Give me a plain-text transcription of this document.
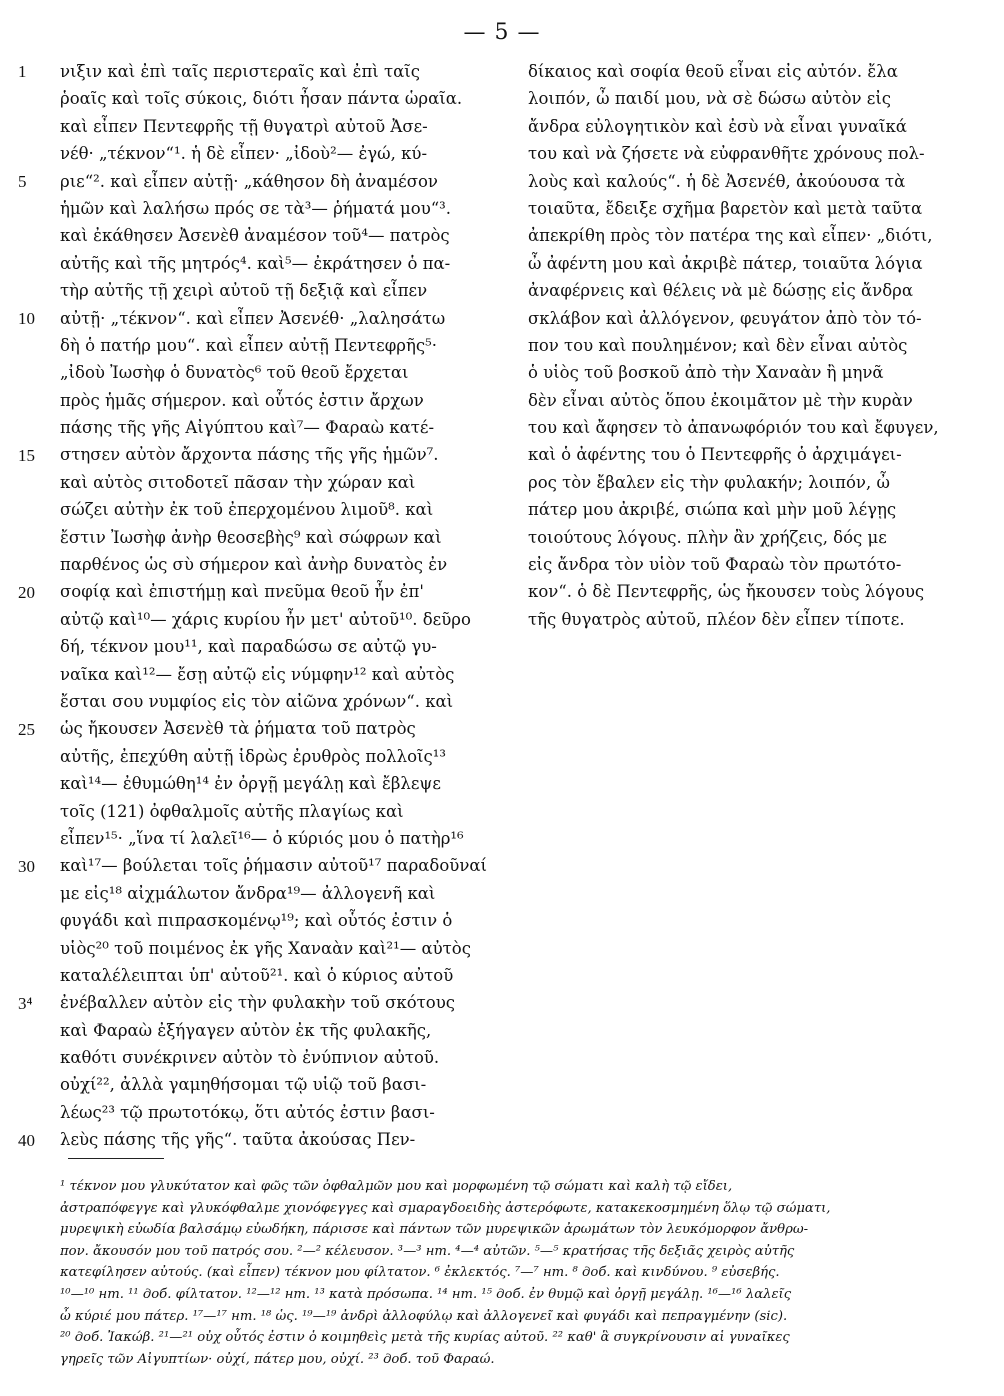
— 5 —
1
5
10
15
20
25
30
3⁴
40
νιξιν καὶ ἐπὶ ταῖς περιστεραῖς καὶ ἐπὶ ταῖς
ῥοαῖς καὶ τοῖς σύκοις, διότι ἦσαν πάντα ὡραῖα.
καὶ εἶπεν Πεντεφρῆς τῇ θυγατρὶ αὐτοῦ Ἀσε-
νέθ· „τέκνον“¹. ἡ δὲ εἶπεν· „ἰδοὺ²— ἐγώ, κύ-
ριε“². καὶ εἶπεν αὐτῇ· „κάθησον δὴ ἀναμέσον
ἡμῶν καὶ λαλήσω πρός σε τὰ³— ῥήματά μου“³.
καὶ ἐκάθησεν Ἀσενὲθ ἀναμέσον τοῦ⁴— πατρὸς
αὐτῆς καὶ τῆς μητρός⁴. καὶ⁵— ἐκράτησεν ὁ πα-
τὴρ αὐτῆς τῇ χειρὶ αὐτοῦ τῇ δεξιᾷ καὶ εἶπεν
αὐτῇ· „τέκνον“. καὶ εἶπεν Ἀσενέθ· „λαλησάτω
δὴ ὁ πατήρ μου“. καὶ εἶπεν αὐτῇ Πεντεφρῆς⁵·
„ἰδοὺ Ἰωσὴφ ὁ δυνατὸς⁶ τοῦ θεοῦ ἔρχεται
πρὸς ἡμᾶς σήμερον. καὶ οὗτός ἐστιν ἄρχων
πάσης τῆς γῆς Αἰγύπτου καὶ⁷— Φαραὼ κατέ-
στησεν αὐτὸν ἄρχοντα πάσης τῆς γῆς ἡμῶν⁷.
καὶ αὐτὸς σιτοδοτεῖ πᾶσαν τὴν χώραν καὶ
σώζει αὐτὴν ἐκ τοῦ ἐπερχομένου λιμοῦ⁸. καὶ
ἔστιν Ἰωσὴφ ἀνὴρ θεοσεβὴς⁹ καὶ σώφρων καὶ
παρθένος ὡς σὺ σήμερον καὶ ἀνὴρ δυνατὸς ἐν
σοφίᾳ καὶ ἐπιστήμῃ καὶ πνεῦμα θεοῦ ἦν ἐπ'
αὐτῷ καὶ¹⁰— χάρις κυρίου ἦν μετ' αὐτοῦ¹⁰. δεῦρο
δή, τέκνον μου¹¹, καὶ παραδώσω σε αὐτῷ γυ-
ναῖκα καὶ¹²— ἔσῃ αὐτῷ εἰς νύμφην¹² καὶ αὐτὸς
ἔσται σου νυμφίος εἰς τὸν αἰῶνα χρόνων“. καὶ
ὡς ἤκουσεν Ἀσενὲθ τὰ ῥήματα τοῦ πατρὸς
αὐτῆς, ἐπεχύθη αὐτῇ ἱδρὼς ἐρυθρὸς πολλοῖς¹³
καὶ¹⁴— ἐθυμώθη¹⁴ ἐν ὀργῇ μεγάλῃ καὶ ἔβλεψε
τοῖς (121) ὀφθαλμοῖς αὐτῆς πλαγίως καὶ
εἶπεν¹⁵· „ἵνα τί λαλεῖ¹⁶— ὁ κύριός μου ὁ πατὴρ¹⁶
καὶ¹⁷— βούλεται τοῖς ῥήμασιν αὐτοῦ¹⁷ παραδοῦναί
με εἰς¹⁸ αἰχμάλωτον ἄνδρα¹⁹— ἀλλογενῆ καὶ
φυγάδι καὶ πιπρασκομένῳ¹⁹; καὶ οὗτός ἐστιν ὁ
υἱὸς²⁰ τοῦ ποιμένος ἐκ γῆς Χαναὰν καὶ²¹— αὐτὸς
καταλέλειπται ὑπ' αὐτοῦ²¹. καὶ ὁ κύριος αὐτοῦ
ἐνέβαλλεν αὐτὸν εἰς τὴν φυλακὴν τοῦ σκότους
καὶ Φαραὼ ἐξήγαγεν αὐτὸν ἐκ τῆς φυλακῆς,
καθότι συνέκρινεν αὐτὸν τὸ ἐνύπνιον αὐτοῦ.
οὐχί²², ἀλλὰ γαμηθήσομαι τῷ υἱῷ τοῦ βασι-
λέως²³ τῷ πρωτοτόκῳ, ὅτι αὐτός ἐστιν βασι-
λεὺς πάσης τῆς γῆς“. ταῦτα ἀκούσας Πεν-
δίκαιος καὶ σοφία θεοῦ εἶναι εἰς αὐτόν. ἔλα
λοιπόν, ὦ παιδί μου, νὰ σὲ δώσω αὐτὸν εἰς
ἄνδρα εὐλογητικὸν καὶ ἐσὺ νὰ εἶναι γυναῖκά
του καὶ νὰ ζήσετε νὰ εὐφρανθῆτε χρόνους πολ-
λοὺς καὶ καλούς“. ἡ δὲ Ἀσενέθ, ἀκούουσα τὰ
τοιαῦτα, ἔδειξε σχῆμα βαρετὸν καὶ μετὰ ταῦτα
ἀπεκρίθη πρὸς τὸν πατέρα της καὶ εἶπεν· „διότι,
ὦ ἀφέντη μου καὶ ἀκριβὲ πάτερ, τοιαῦτα λόγια
ἀναφέρνεις καὶ θέλεις νὰ μὲ δώσῃς εἰς ἄνδρα
σκλάβον καὶ ἀλλόγενον, φευγάτον ἀπὸ τὸν τό-
πον του καὶ πουλημένον; καὶ δὲν εἶναι αὐτὸς
ὁ υἱὸς τοῦ βοσκοῦ ἀπὸ τὴν Χαναὰν ἢ μηνᾶ
δὲν εἶναι αὐτὸς ὅπου ἐκοιμᾶτον μὲ τὴν κυρὰν
του καὶ ἄφησεν τὸ ἀπανωφόριόν του καὶ ἔφυγεν,
καὶ ὁ ἀφέντης του ὁ Πεντεφρῆς ὁ ἀρχιμάγει-
ρος τὸν ἔβαλεν εἰς τὴν φυλακήν; λοιπόν, ὦ
πάτερ μου ἀκριβέ, σιώπα καὶ μὴν μοῦ λέγῃς
τοιούτους λόγους. πλὴν ἂν χρήζεις, δός με
εἰς ἄνδρα τὸν υἱὸν τοῦ Φαραὼ τὸν πρωτότο-
κον“. ὁ δὲ Πεντεφρῆς, ὡς ἤκουσεν τοὺς λόγους
τῆς θυγατρὸς αὐτοῦ, πλέον δὲν εἶπεν τίποτε.
¹ τέκνον μου γλυκύτατον καὶ φῶς τῶν ὀφθαλμῶν μου καὶ μορφωμένη τῷ σώματι καὶ καλὴ τῷ εἴδει,
ἀστραπόφεγγε καὶ γλυκόφθαλμε χιονόφεγγες καὶ σμαραγδοειδὴς ἀστερόφωτε, κατακεκοσμημένη ὅλῳ τῷ σώματι,
μυρεψικὴ εὐωδία βαλσάμῳ εὐωδήκη, πάρισσε καὶ πάντων τῶν μυρεψικῶν ἀρωμάτων τὸν λευκόμορφον ἄνθρω-
πον. ἄκουσόν μου τοῦ πατρός σου. ²—² κέλευσον. ³—³ нт. ⁴—⁴ αὐτῶν. ⁵—⁵ κρατήσας τῆς δεξιᾶς χειρὸς αὐτῆς
κατεφίλησεν αὐτούς. (καὶ εἶπεν) τέκνον μου φίλτατον. ⁶ ἐκλεκτός. ⁷—⁷ нт. ⁸ доб. καὶ κινδύνου. ⁹ εὐσεβής.
¹⁰—¹⁰ нт. ¹¹ доб. φίλτατον. ¹²—¹² нт. ¹³ κατὰ πρόσωπα. ¹⁴ нт. ¹⁵ доб. ἐν θυμῷ καὶ ὀργῇ μεγάλῃ. ¹⁶—¹⁶ λαλεῖς
ὦ κύριέ μου πάτερ. ¹⁷—¹⁷ нт. ¹⁸ ὡς. ¹⁹—¹⁹ ἀνδρὶ ἀλλοφύλῳ καὶ ἀλλογενεῖ καὶ φυγάδι καὶ πεπραγμένην (sic).
²⁰ доб. Ἰακώβ. ²¹—²¹ οὐχ οὗτός ἐστιν ὁ κοιμηθεὶς μετὰ τῆς κυρίας αὐτοῦ. ²² καθ' ἃ συγκρίνουσιν αἱ γυναῖκες
γηρεῖς τῶν Αἰγυπτίων· οὐχί, πάτερ μου, οὐχί. ²³ доб. τοῦ Φαραώ.
